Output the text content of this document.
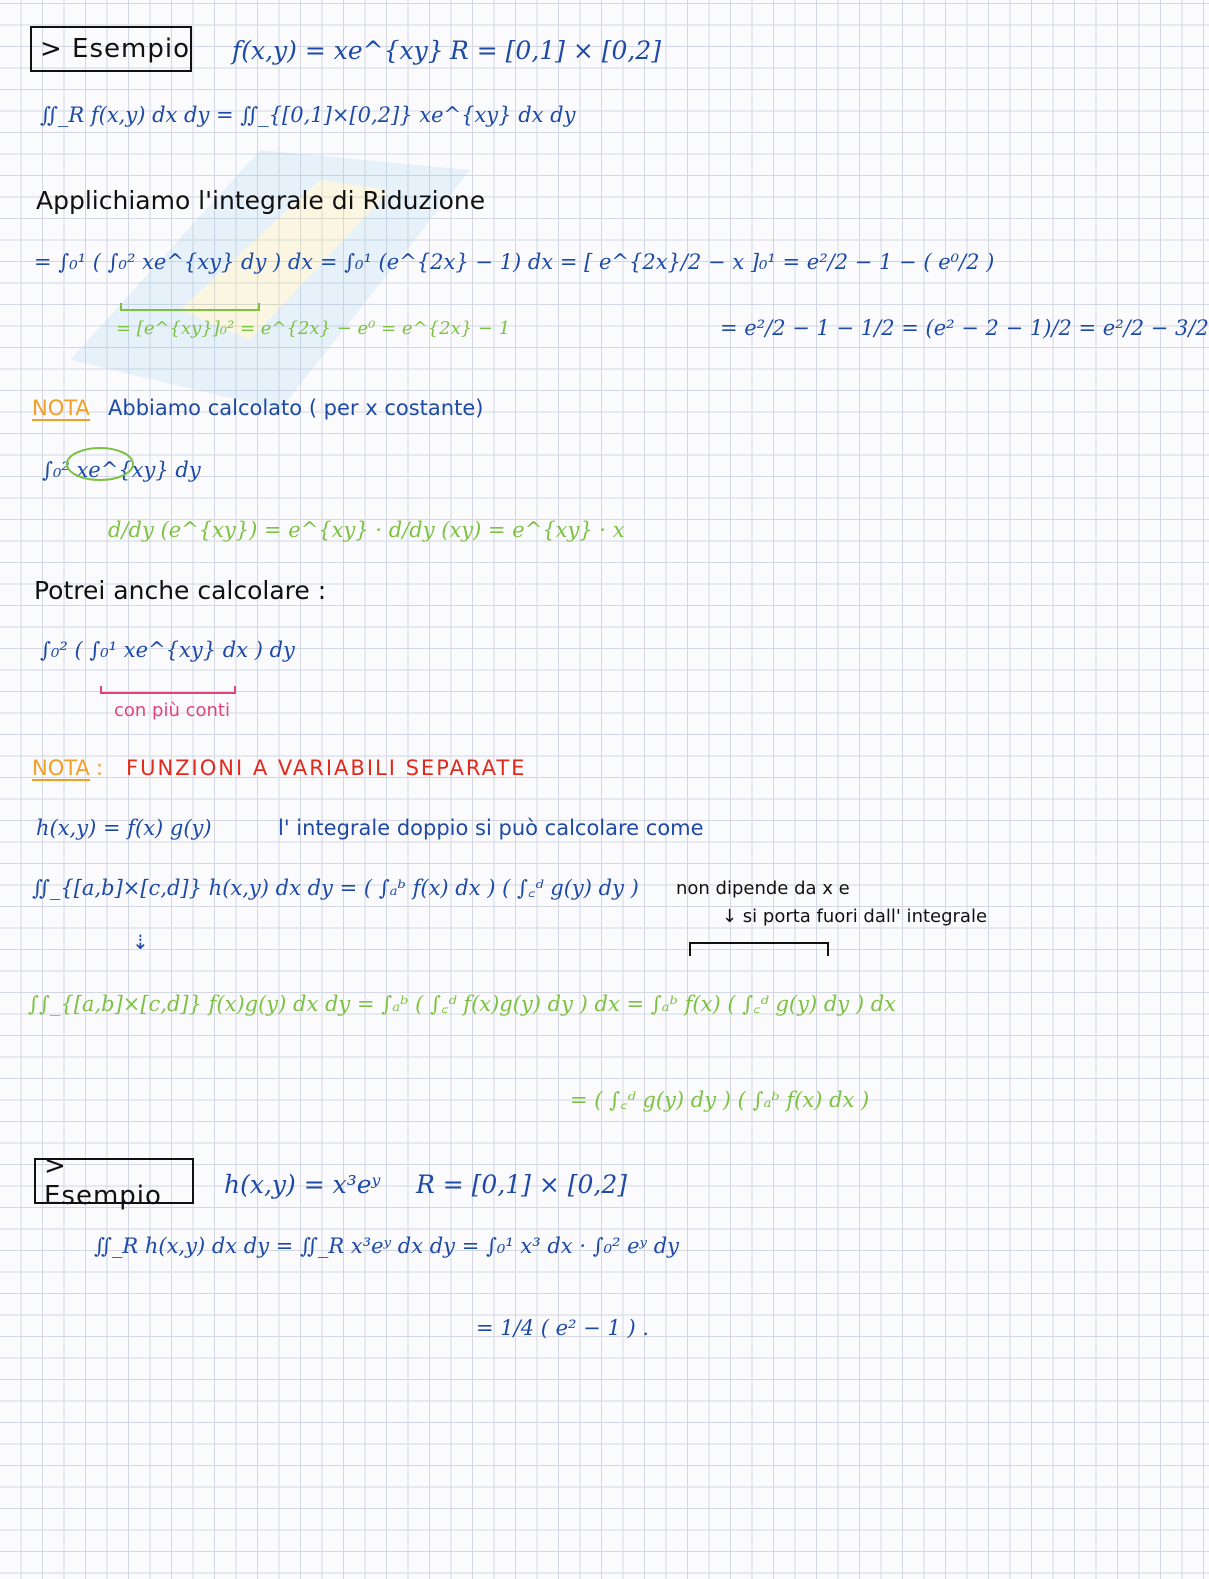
> Esempio f(x,y) = xe^{xy} R = [0,1] × [0,2]
∬_R f(x,y) dx dy = ∬_{[0,1]×[0,2]} xe^{xy} dx dy
Applichiamo l'integrale di Riduzione
= ∫₀¹ ( ∫₀² xe^{xy} dy ) dx = ∫₀¹ (e^{2x} − 1) dx = [ e^{2x}/2 − x ]₀¹ = e²/2 − 1 − ( e⁰/2 )
= [e^{xy}]₀² = e^{2x} − e⁰ = e^{2x} − 1	= e²/2 − 1 − 1/2 = (e² − 2 − 1)/2 = e²/2 − 3/2
NOTA Abbiamo calcolato ( per x costante)
∫₀² xe^{xy} dy
d/dy (e^{xy}) = e^{xy} · d/dy (xy) = e^{xy} · x
Potrei anche calcolare :
∫₀² ( ∫₀¹ xe^{xy} dx ) dy
con più conti
NOTA : FUNZIONI A VARIABILI SEPARATE
h(x,y) = f(x) g(y)	l' integrale doppio si può calcolare come
∬_{[a,b]×[c,d]} h(x,y) dx dy = ( ∫ₐᵇ f(x) dx ) ( ∫꜀ᵈ g(y) dy )
⇣
non dipende da x e
↓ si porta fuori dall' integrale
∫∫_{[a,b]×[c,d]} f(x)g(y) dx dy = ∫ₐᵇ ( ∫꜀ᵈ f(x)g(y) dy ) dx = ∫ₐᵇ f(x) ( ∫꜀ᵈ g(y) dy ) dx
= ( ∫꜀ᵈ g(y) dy ) ( ∫ₐᵇ f(x) dx )
> Esempio	h(x,y) = x³eʸ R = [0,1] × [0,2]
∬_R h(x,y) dx dy = ∬_R x³eʸ dx dy = ∫₀¹ x³ dx · ∫₀² eʸ dy
= 1/4 ( e² − 1 ) .
